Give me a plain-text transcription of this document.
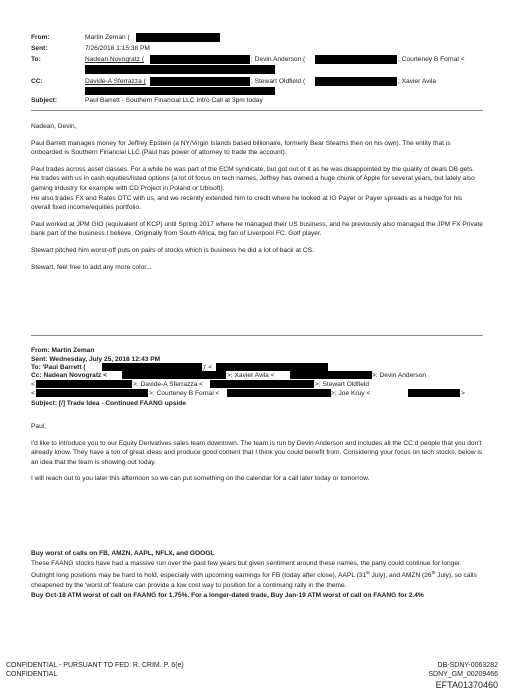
From:	Martin Zeman (
Sent:	7/26/2018 1:15:38 PM
To:	Nadean Novogratz (	; Devin Anderson (	; Courteney B Fornal <
CC:	Davide-A Sferrazza (	; Stewart Oldfield (	; Xavier Avila
Subject:	Paul Barrett - Southern Financial LLC Intro Call at 3pm today

Nadean, Devin,

Paul Barrett manages money for Jeffrey Epstein (a NY/Virgin Islands based billionaire, formerly Bear Stearns then on his own). The entity that is onboarded is Southern Financial LLC (Paul has power of attorney to trade the account).

Paul trades across asset classes. For a while he was part of the ECM syndicate, but got out of it as he was disappointed by the quality of deals DB gets. He trades with us in cash equities/listed options (a lot of focus on tech names, Jeffrey has owned a huge chunk of Apple for several years, but lately also gaming industry for example with CD Project in Poland or Ubisoft).

He also trades FX and Rates OTC with us, and we recently extended him to credit where he looked at IG Payer or Payer spreads as a hedge for his overall fixed income/equities portfolio.

Paul worked at JPM GIO (equivalent of KCP) until Spring 2017 where he managed their US business, and he previously also managed the JPM FX Private bank part of the business I believe. Originally from South Africa, big fan of Liverpool FC. Golf player.

Stewart pitched him worst-off puts on pairs of stocks which is business he did a lot of back at CS.

Stewart, feel free to add any more color...

From: Martin Zeman
Sent: Wednesday, July 25, 2018 12:43 PM
To: 'Paul Barrett (	)' <
Cc: Nadean Novogratz <	>; Xavier Avila <	>; Devin Anderson
<	>; Davide-A Sferrazza <	>; Stewart Oldfield
<	>; Courteney B Fornal <	>; Joe Kruy <	>
Subject: [/] Trade Idea - Continued FAANG upside

Paul,

I'd like to introduce you to our Equity Derivatives sales team downtown. The team is run by Devin Anderson and includes all the CC:d people that you don't already know. They have a ton of great ideas and produce good content that I think you could benefit from. Considering your focus on tech stocks, below is an idea that the team is showing out today.

I will reach out to you later this afternoon so we can put something on the calendar for a call later today or tomorrow.

Buy worst of calls on FB, AMZN, AAPL, NFLX, and GOOGL
These FAANG stocks have had a massive run over the past few years but given sentiment around these names, the party could continue for longer. Outright long positions may be hard to hold, especially with upcoming earnings for FB (today after close), AAPL (31st July), and AMZN (26th July), so calls cheapened by the 'worst of' feature can provide a low cost way to position for a continuing rally in the theme.
Buy Oct-18 ATM worst of call on FAANG for 1.75%. For a longer-dated trade, Buy Jan-19 ATM worst of call on FAANG for 2.4%
CONFIDENTIAL - PURSUANT TO FED. R. CRIM. P. 6(e)
CONFIDENTIAL
DB-SDNY-0063282
SDNY_GM_00209466
EFTA01370460
